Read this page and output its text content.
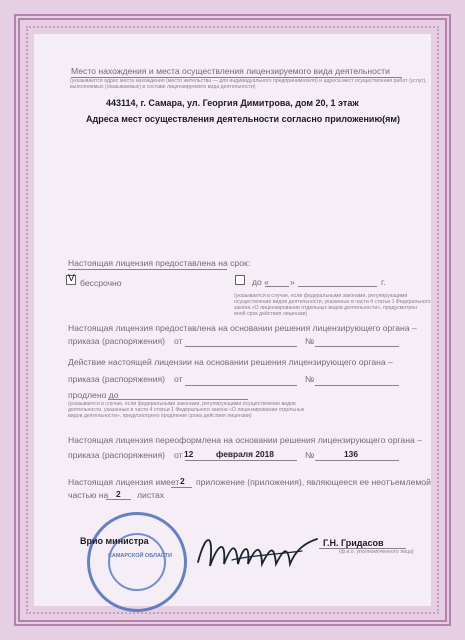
Место нахождения и места осуществления лицензируемого вида деятельности
(указываются адрес места нахождения (место жительства — для индивидуального предпринимателя) и адреса мест осуществления работ (услуг),
выполняемых (оказываемых) в составе лицензируемого вида деятельности)
443114, г. Самара, ул. Георгия Димитрова, дом 20, 1 этаж
Адреса мест осуществления деятельности согласно приложению(ям)
Настоящая лицензия предоставлена на срок:
V бессрочно	до « »	г.
(указывается в случае, если федеральными законами, регулирующими
осуществление видов деятельности, указанных в части 4 статьи 1 Федерального
закона «О лицензировании отдельных видов деятельности», предусмотрен
иной срок действия лицензии)
Настоящая лицензия предоставлена на основании решения лицензирующего органа –
приказа (распоряжения) от	№
Действие настоящей лицензии на основании решения лицензирующего органа –
приказа (распоряжения) от	№
продлено до
(указывается в случае, если федеральными законами, регулирующими осуществление видов
деятельности, указанных в части 4 статьи 1 Федерального закона «О лицензировании отдельных
видов деятельности», предусмотрено продление срока действия лицензии)
Настоящая лицензия переоформлена на основании решения лицензирующего органа –
приказа (распоряжения) от 12	февраля 2018	№	136
Настоящая лицензия имеет 2 приложение (приложения), являющееся ее неотъемлемой
частью на 2 листах
САМАРСКОЙ ОБЛАСТИ
Врио министра	Г.Н. Гридасов
(ф.и.о. уполномоченного лица)
